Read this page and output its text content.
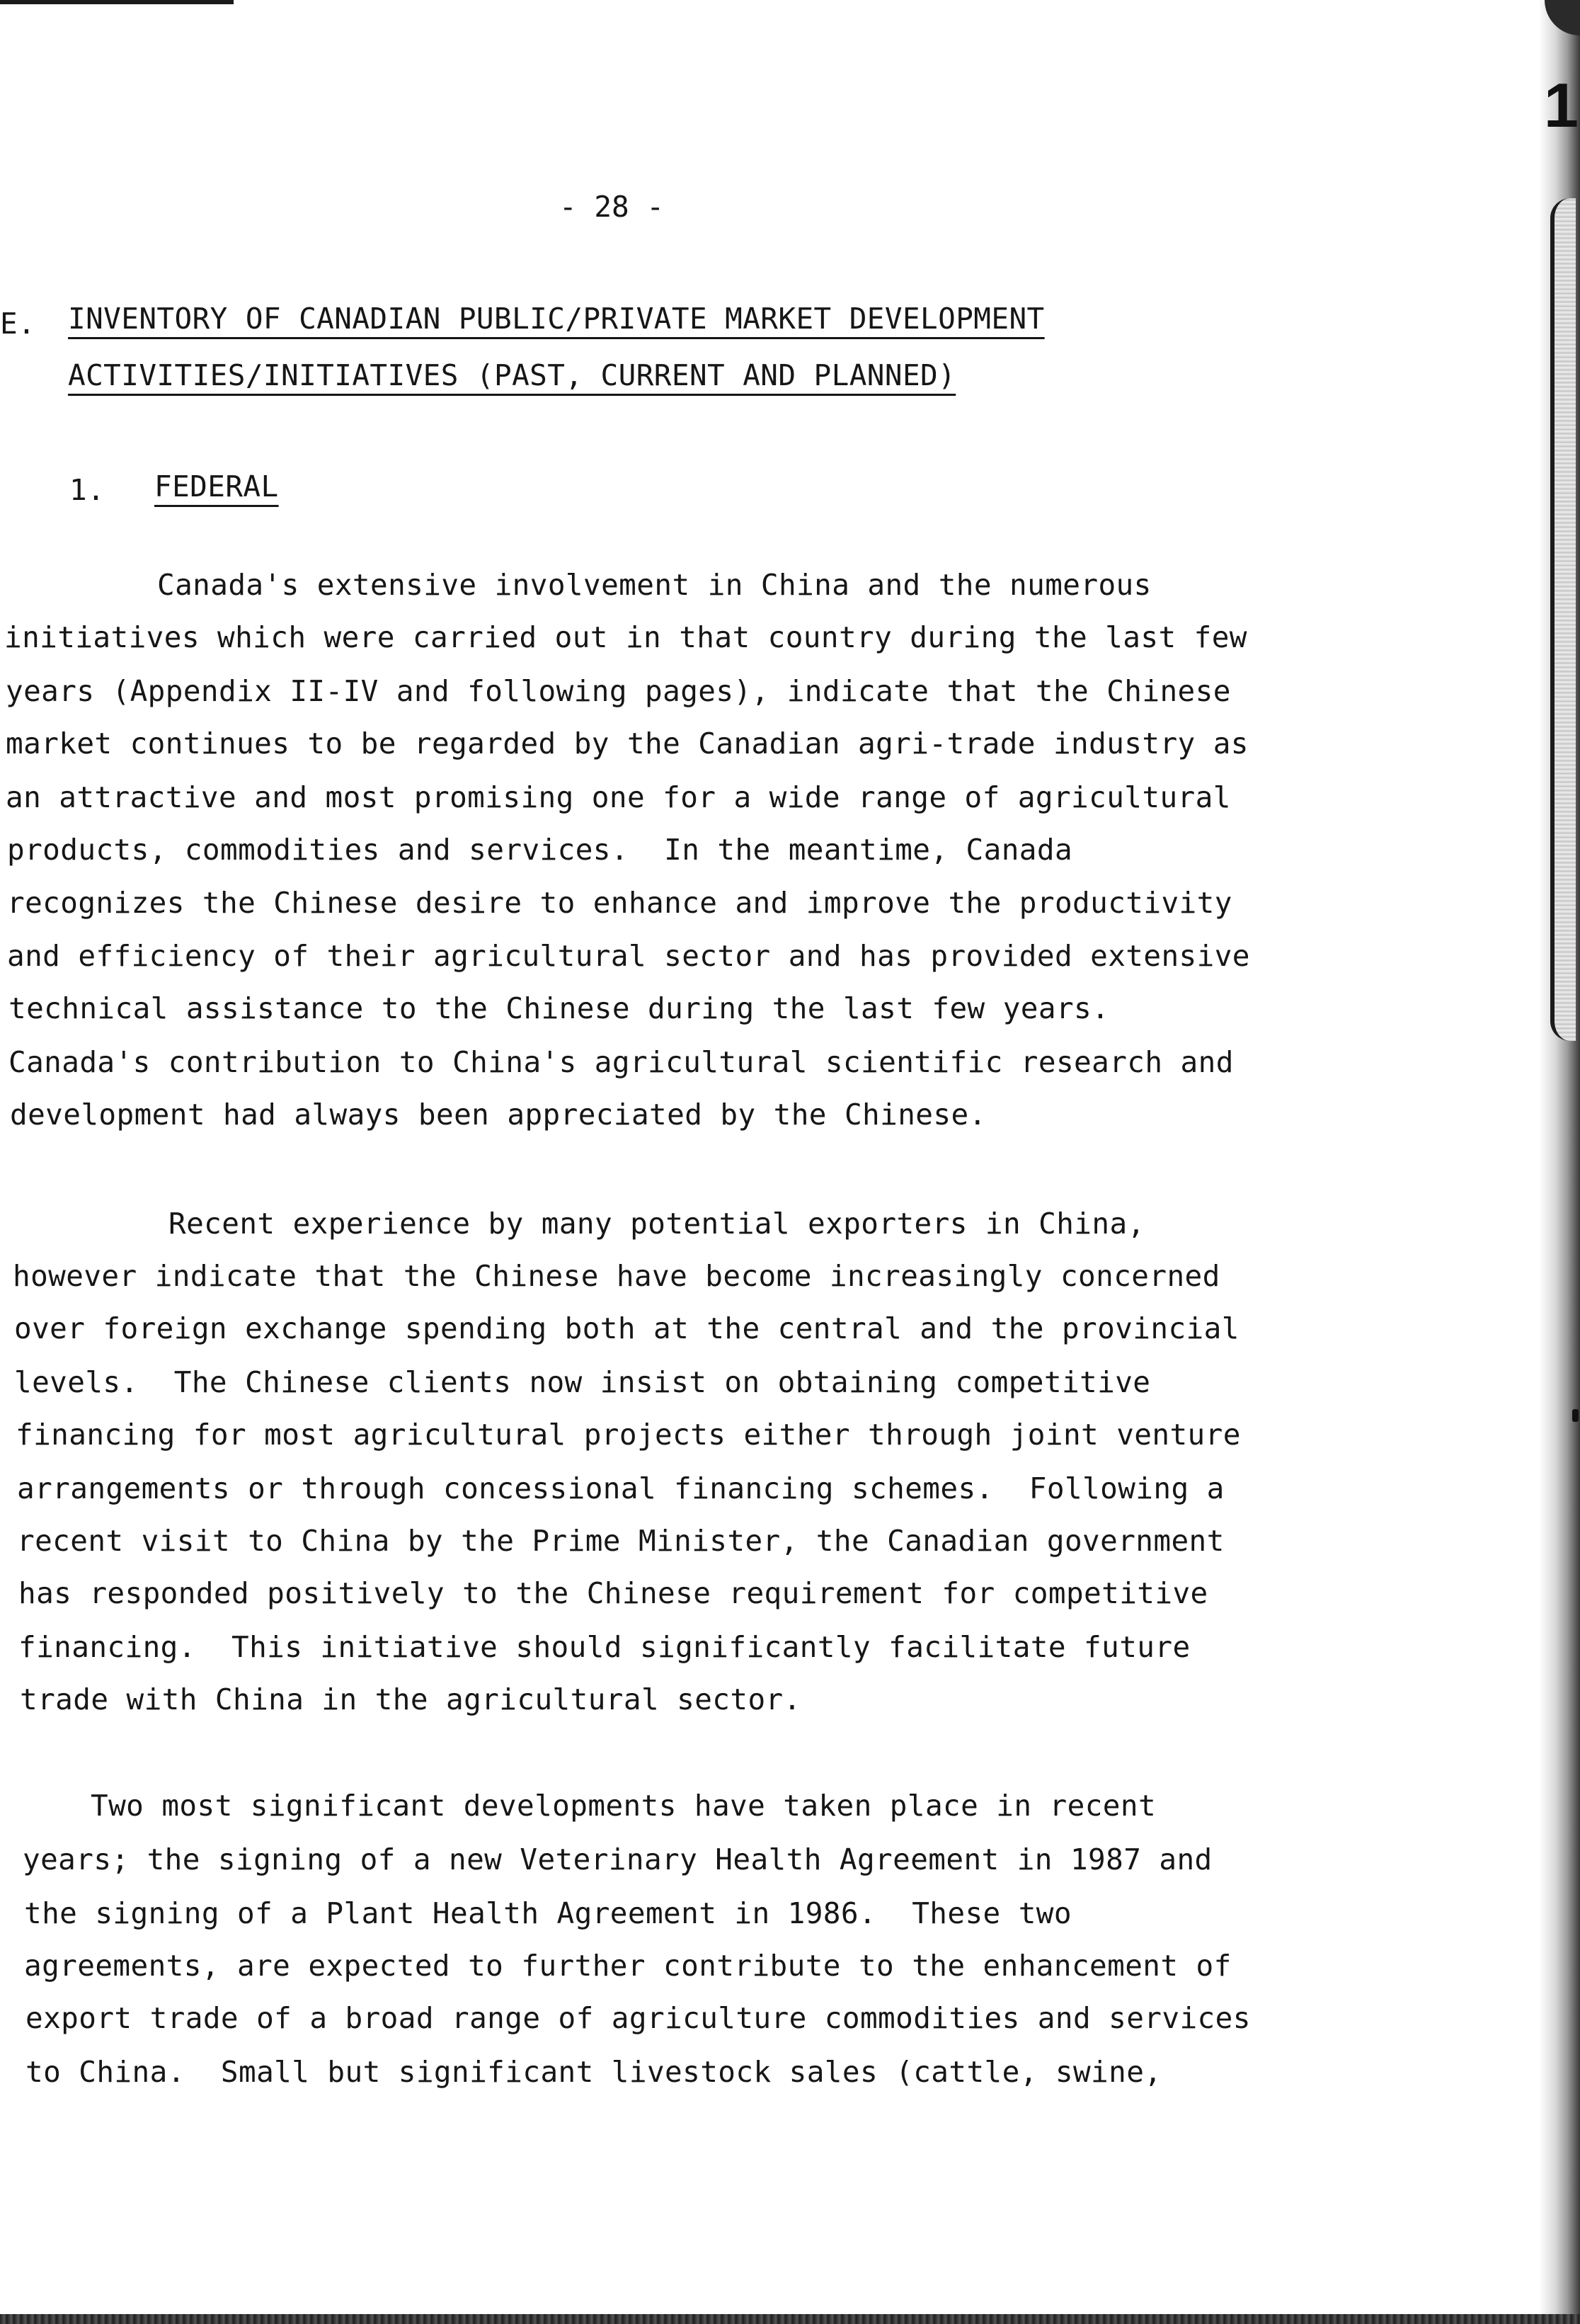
1
- 28 -
E. INVENTORY OF CANADIAN PUBLIC/PRIVATE MARKET DEVELOPMENT
ACTIVITIES/INITIATIVES (PAST, CURRENT AND PLANNED)
1. FEDERAL
Canada's extensive involvement in China and the numerous
initiatives which were carried out in that country during the last few
years (Appendix II-IV and following pages), indicate that the Chinese
market continues to be regarded by the Canadian agri-trade industry as
an attractive and most promising one for a wide range of agricultural
products, commodities and services.  In the meantime, Canada
recognizes the Chinese desire to enhance and improve the productivity
and efficiency of their agricultural sector and has provided extensive
technical assistance to the Chinese during the last few years.
Canada's contribution to China's agricultural scientific research and
development had always been appreciated by the Chinese.
Recent experience by many potential exporters in China,
however indicate that the Chinese have become increasingly concerned
over foreign exchange spending both at the central and the provincial
levels.  The Chinese clients now insist on obtaining competitive
financing for most agricultural projects either through joint venture
arrangements or through concessional financing schemes.  Following a
recent visit to China by the Prime Minister, the Canadian government
has responded positively to the Chinese requirement for competitive
financing.  This initiative should significantly facilitate future
trade with China in the agricultural sector.
Two most significant developments have taken place in recent
years; the signing of a new Veterinary Health Agreement in 1987 and
the signing of a Plant Health Agreement in 1986.  These two
agreements, are expected to further contribute to the enhancement of
export trade of a broad range of agriculture commodities and services
to China.  Small but significant livestock sales (cattle, swine,
